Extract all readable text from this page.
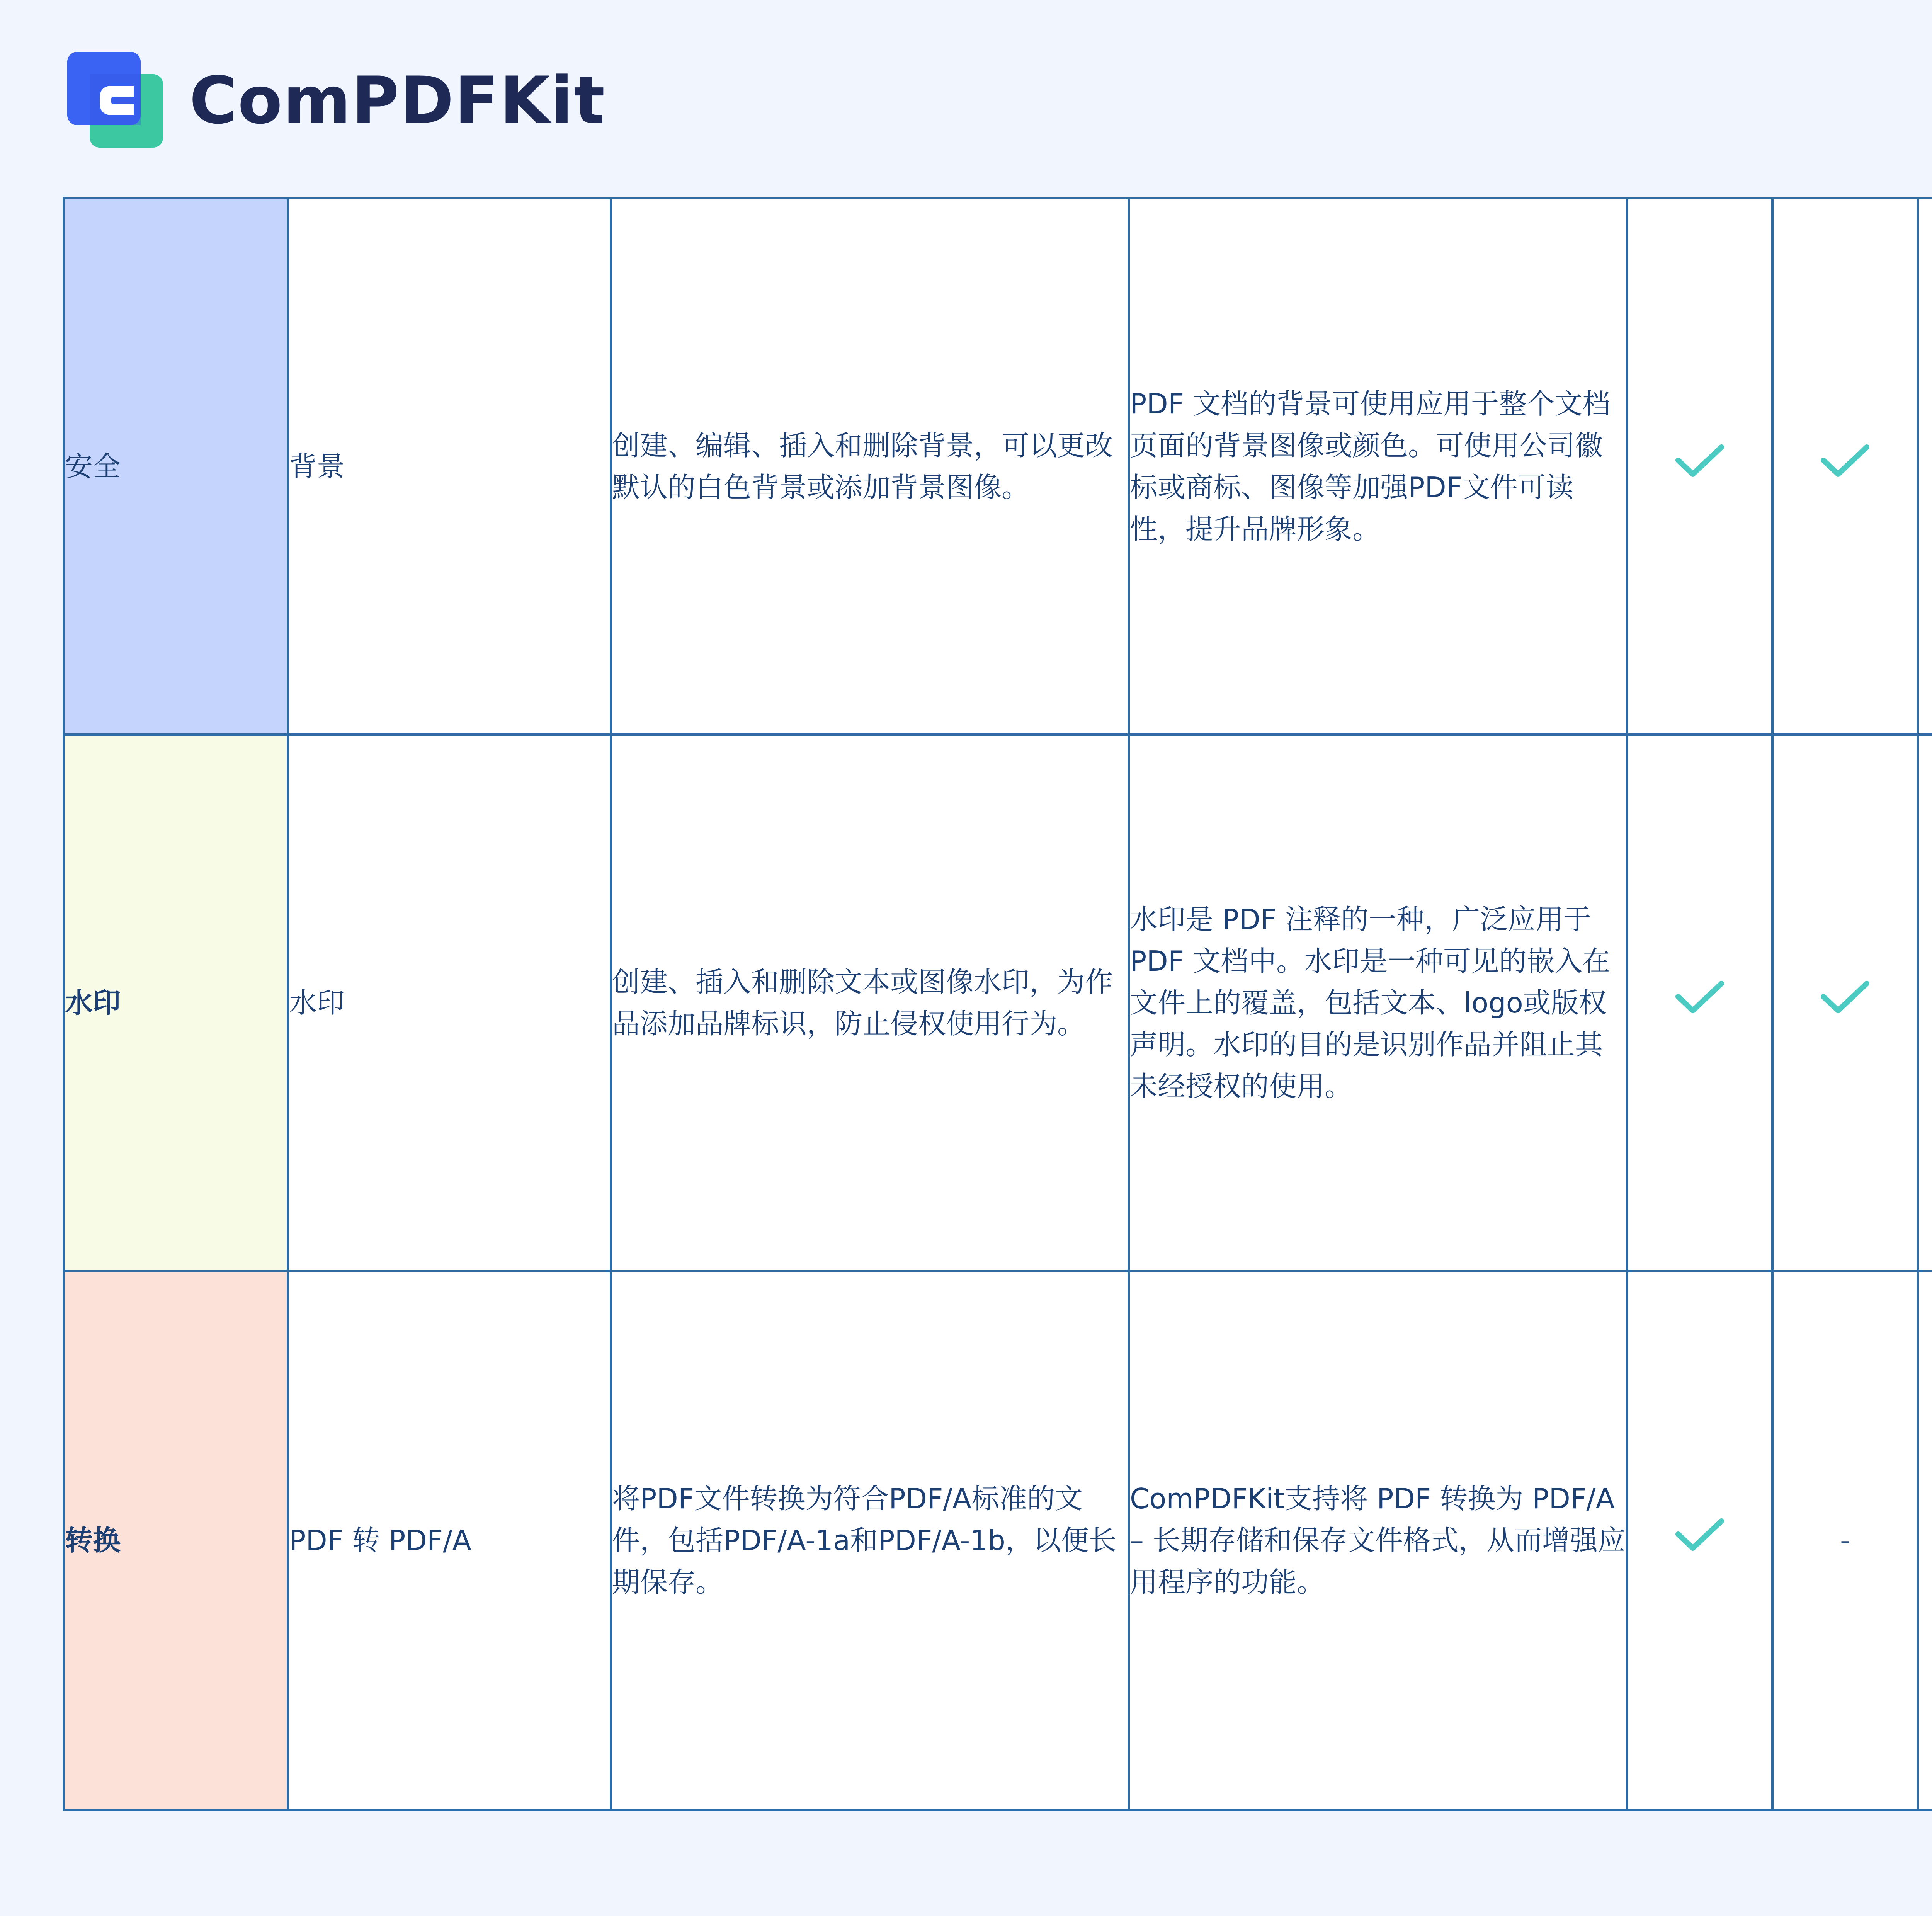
ComPDFKit
安全	背景	创建、编辑、插入和删除背景，可以更改默认的白色背景或添加背景图像。	PDF 文档的背景可使用应用于整个文档页面的背景图像或颜色。可使用公司徽标或商标、图像等加强PDF文件可读性，提升品牌形象。							
水印	水印	创建、插入和删除文本或图像水印，为作品添加品牌标识，防止侵权使用行为。	水印是 PDF 注释的一种，广泛应用于PDF 文档中。水印是一种可见的嵌入在文件上的覆盖，包括文本、logo或版权声明。水印的目的是识别作品并阻止其未经授权的使用。							
转换	PDF 转 PDF/A	将PDF文件转换为符合PDF/A标准的文件，包括PDF/A-1a和PDF/A-1b，以便长期保存。	ComPDFKit支持将 PDF 转换为 PDF/A – 长期存储和保存文件格式，从而增强应用程序的功能。		-					
